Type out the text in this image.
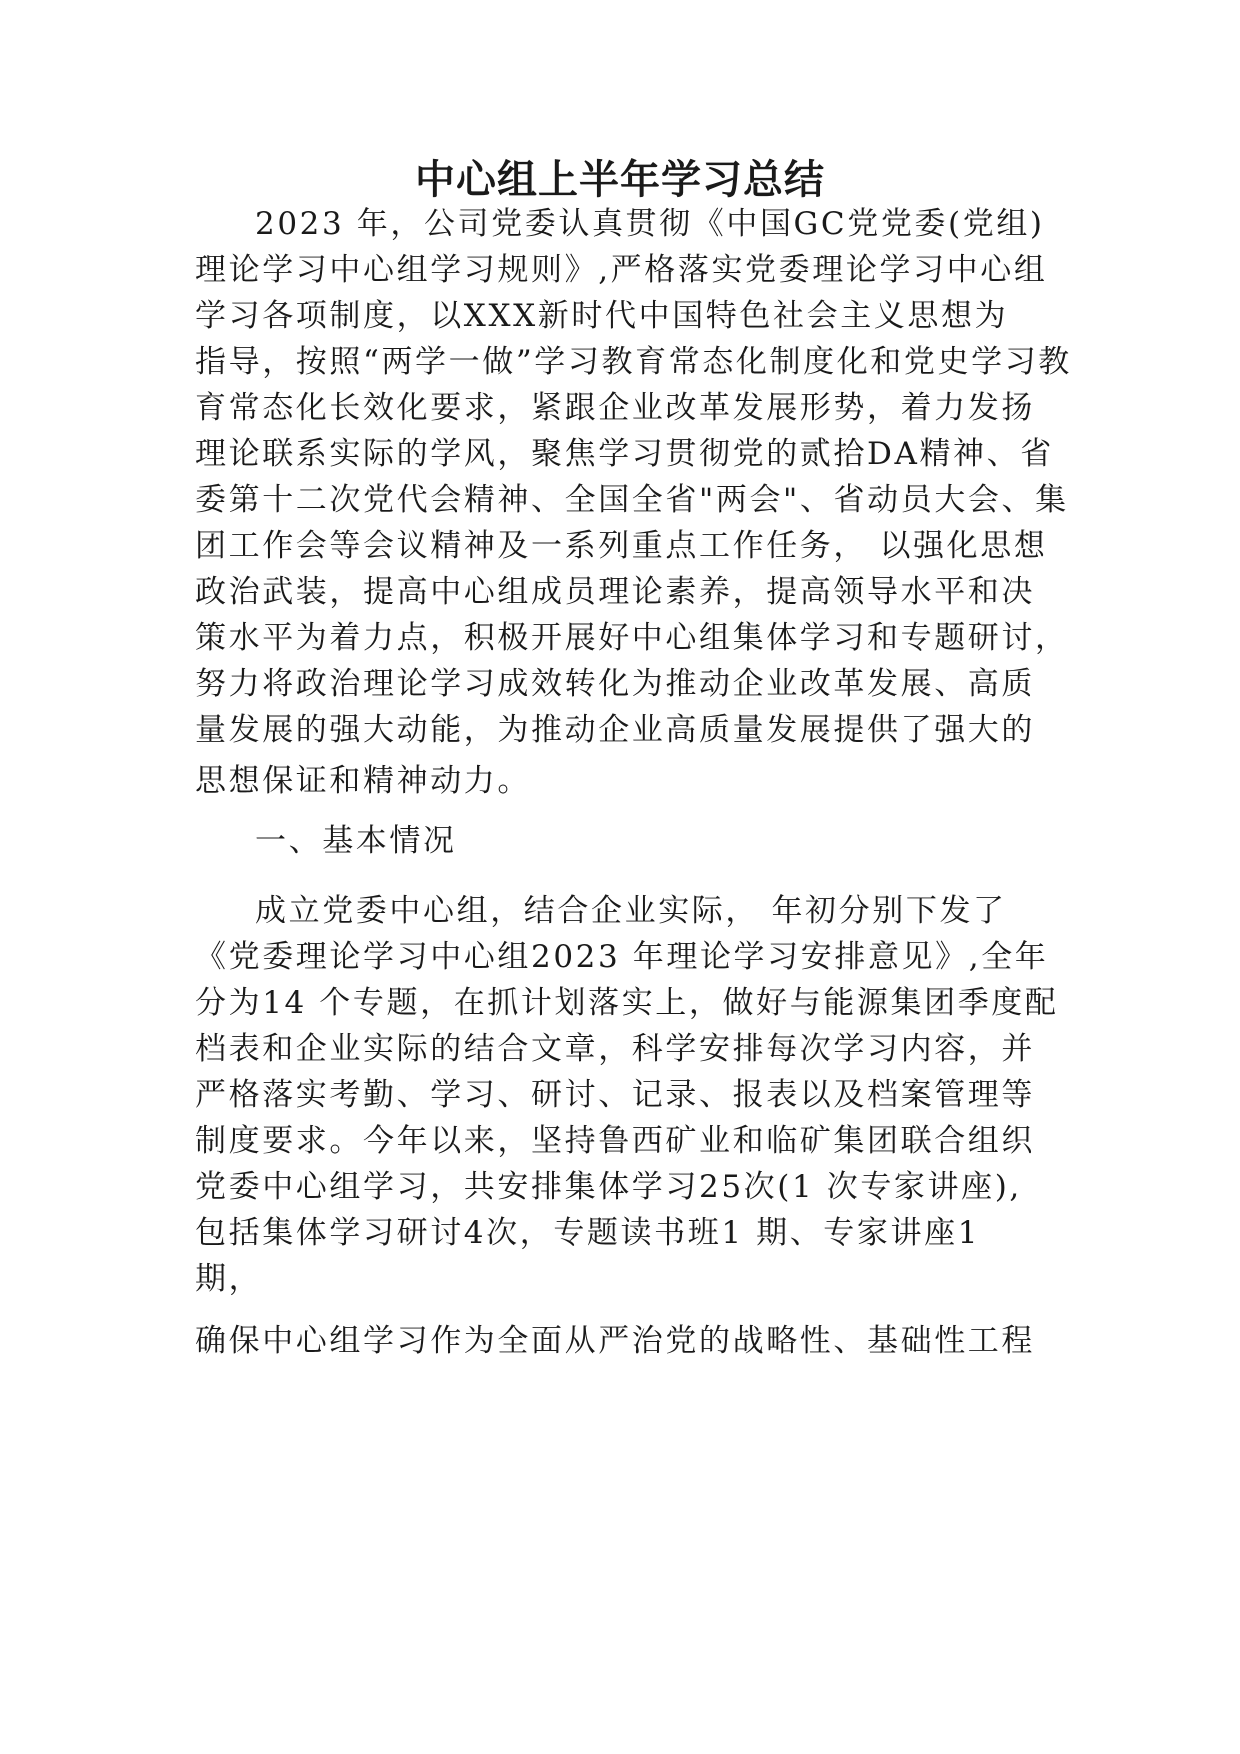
中心组上半年学习总结
2023 年，公司党委认真贯彻《中国GC党党委(党组)
理论学习中心组学习规则》,严格落实党委理论学习中心组
学习各项制度，以XXX新时代中国特色社会主义思想为
指导，按照“两学一做”学习教育常态化制度化和党史学习教
育常态化长效化要求，紧跟企业改革发展形势，着力发扬
理论联系实际的学风，聚焦学习贯彻党的贰拾DA精神、省
委第十二次党代会精神、全国全省"两会"、省动员大会、集
团工作会等会议精神及一系列重点工作任务， 以强化思想
政治武装，提高中心组成员理论素养，提高领导水平和决
策水平为着力点，积极开展好中心组集体学习和专题研讨，
努力将政治理论学习成效转化为推动企业改革发展、高质
量发展的强大动能，为推动企业高质量发展提供了强大的
思想保证和精神动力。
一、基本情况
成立党委中心组，结合企业实际， 年初分别下发了
《党委理论学习中心组2023 年理论学习安排意见》,全年
分为14 个专题，在抓计划落实上，做好与能源集团季度配
档表和企业实际的结合文章，科学安排每次学习内容，并
严格落实考勤、学习、研讨、记录、报表以及档案管理等
制度要求。今年以来，坚持鲁西矿业和临矿集团联合组织
党委中心组学习，共安排集体学习25次(1 次专家讲座),
包括集体学习研讨4次，专题读书班1 期、专家讲座1
期，
确保中心组学习作为全面从严治党的战略性、基础性工程
